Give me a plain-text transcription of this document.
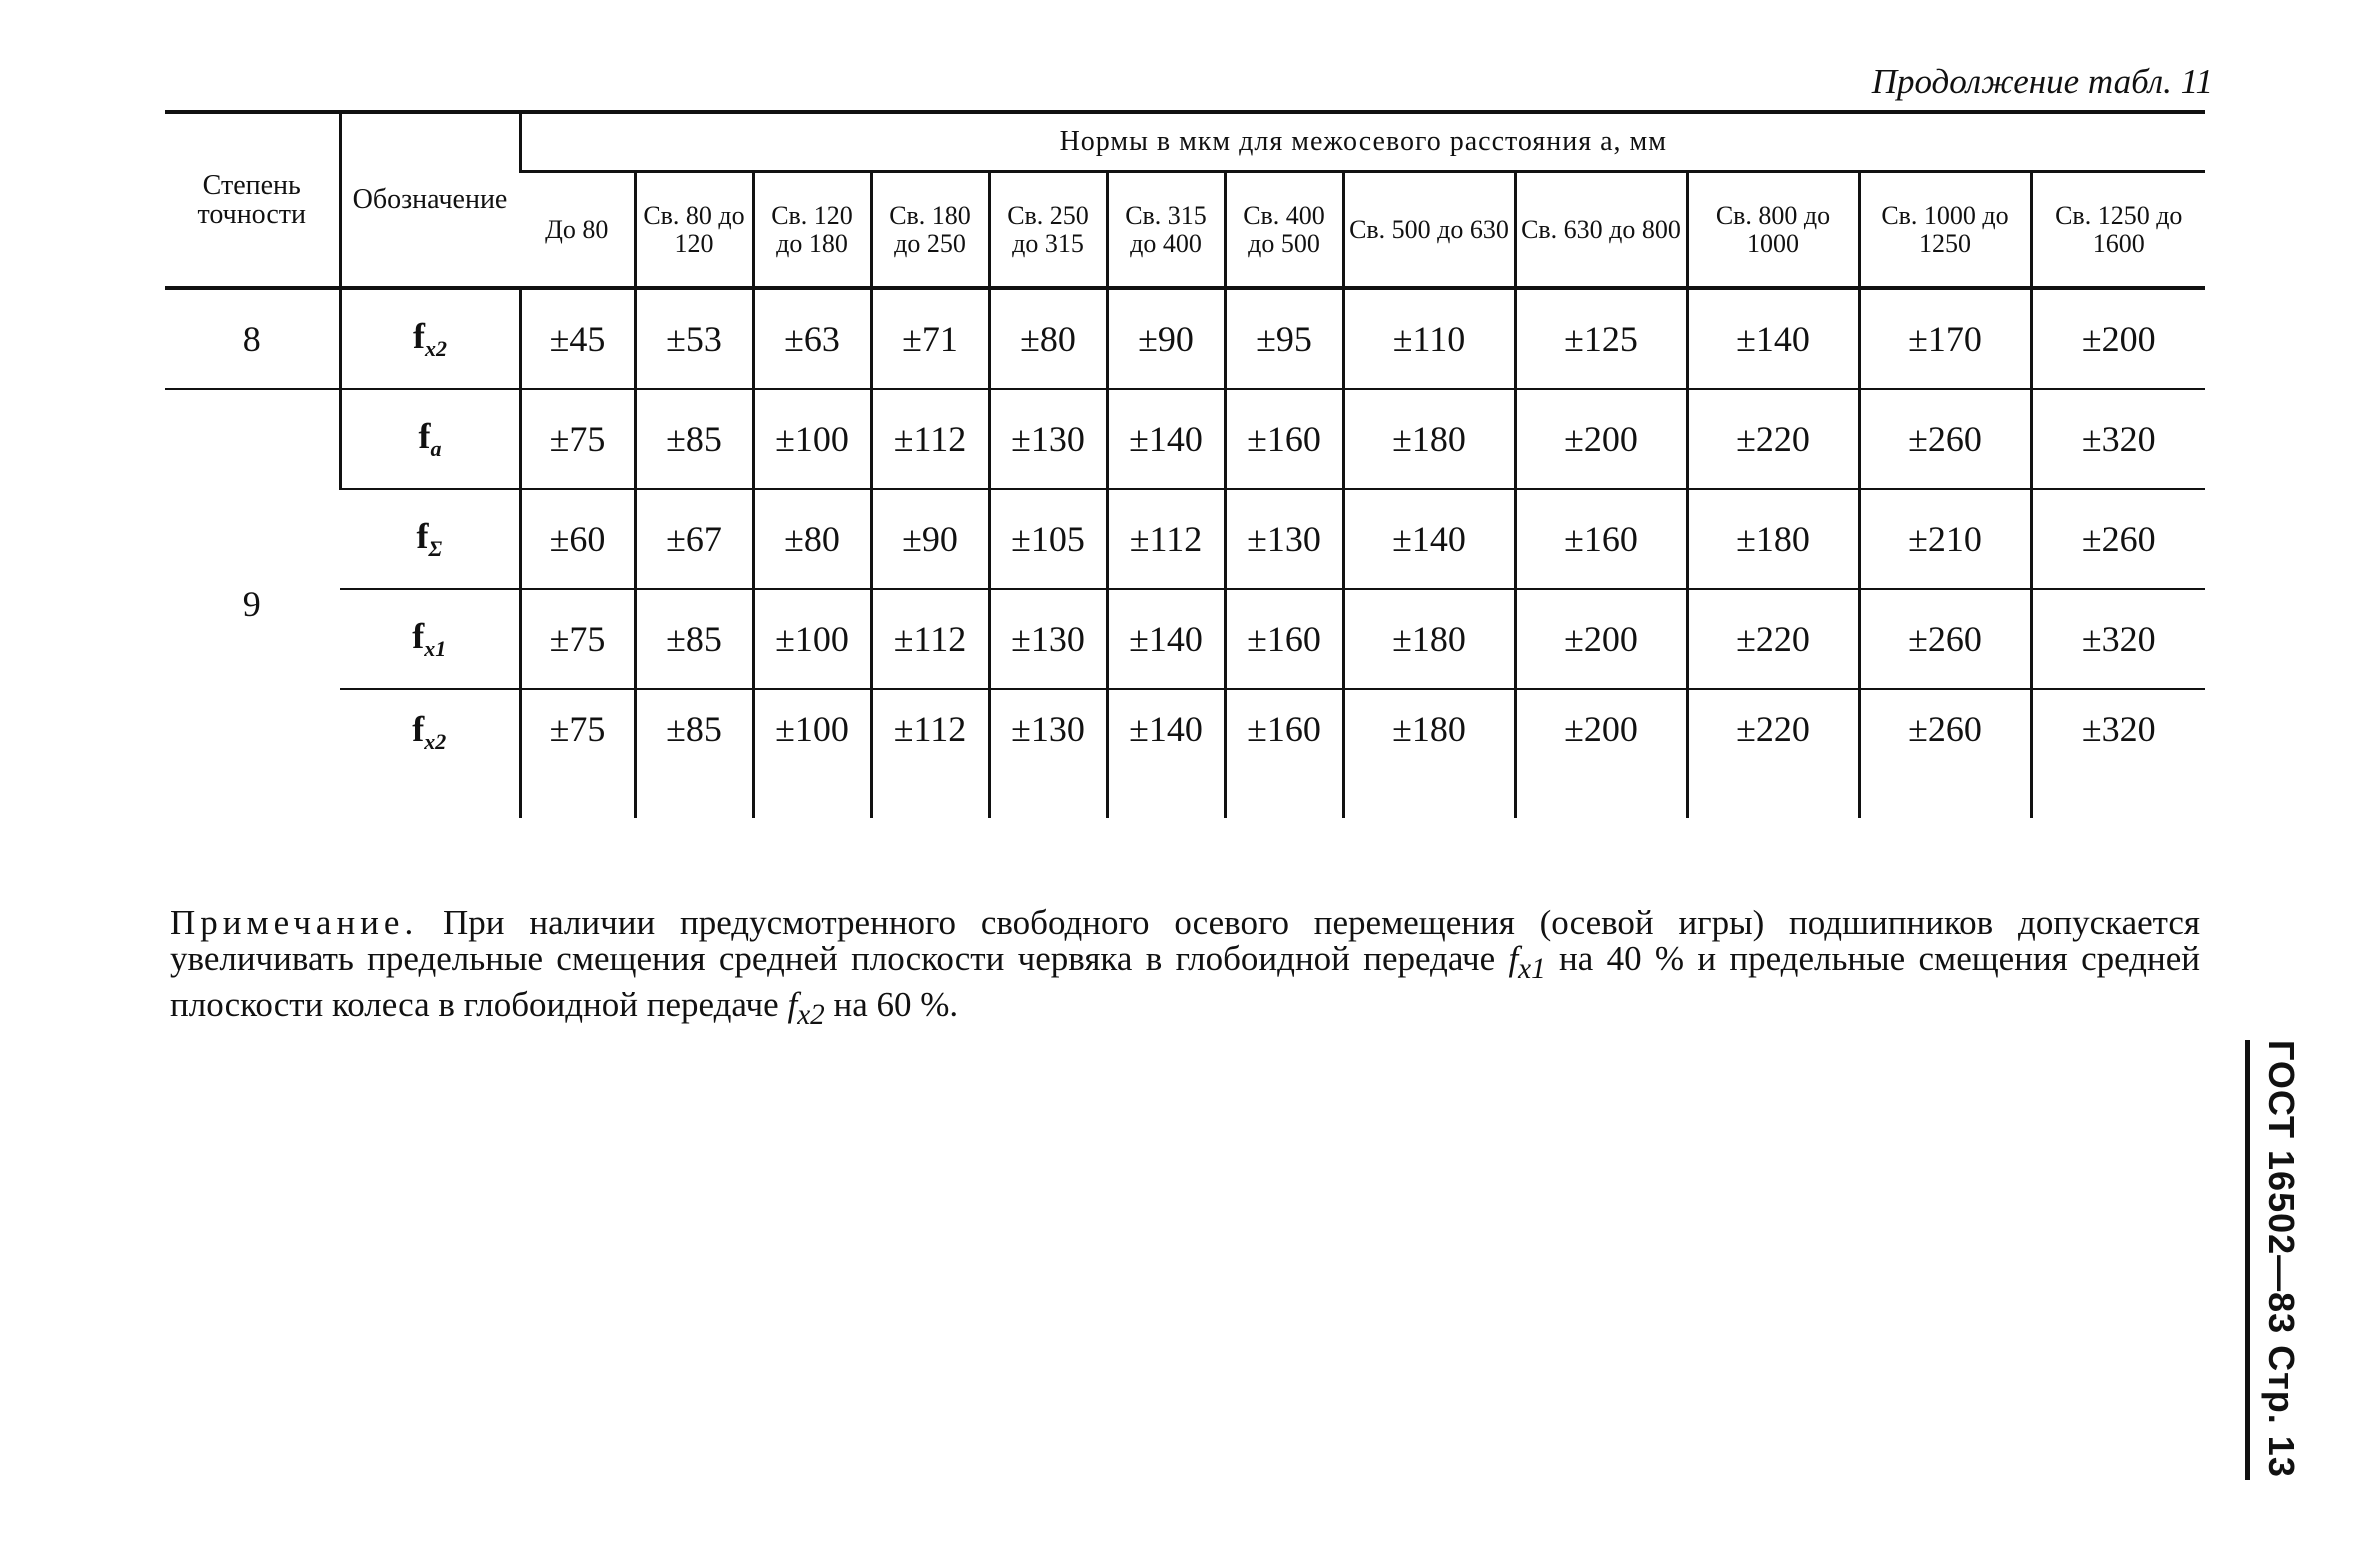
Продолжение табл. 11
Степень точности	Обозначение	Нормы в мкм для межосевого расстояния a, мм											
		До 80	Св. 80 до 120	Св. 120 до 180	Св. 180 до 250	Св. 250 до 315	Св. 315 до 400	Св. 400 до 500	Св. 500 до 630	Св. 630 до 800	Св. 800 до 1000	Св. 1000 до 1250	Св. 1250 до 1600
8	$f_{x2}$	±45	±53	±63	±71	±80	±90	±95	±110	±125	±140	±170	±200
9	$f_a$	±75	±85	±100	±112	±130	±140	±160	±180	±200	±220	±260	±320
	$f_\Sigma$	±60	±67	±80	±90	±105	±112	±130	±140	±160	±180	±210	±260
	$f_{x1}$	±75	±85	±100	±112	±130	±140	±160	±180	±200	±220	±260	±320
	$f_{x2}$	±75	±85	±100	±112	±130	±140	±160	±180	±200	±220	±260	±320

Примечание. При наличии предусмотренного свободного осевого перемещения (осевой игры) подшипников допускается увеличивать предельные смещения средней плоскости червяка в глобоидной передаче $f_{x1}$ на 40 % и предельные смещения средней плоскости колеса в глобоидной передаче $f_{x2}$ на 60 %.

ГОСТ 16502—83 Стр. 13
